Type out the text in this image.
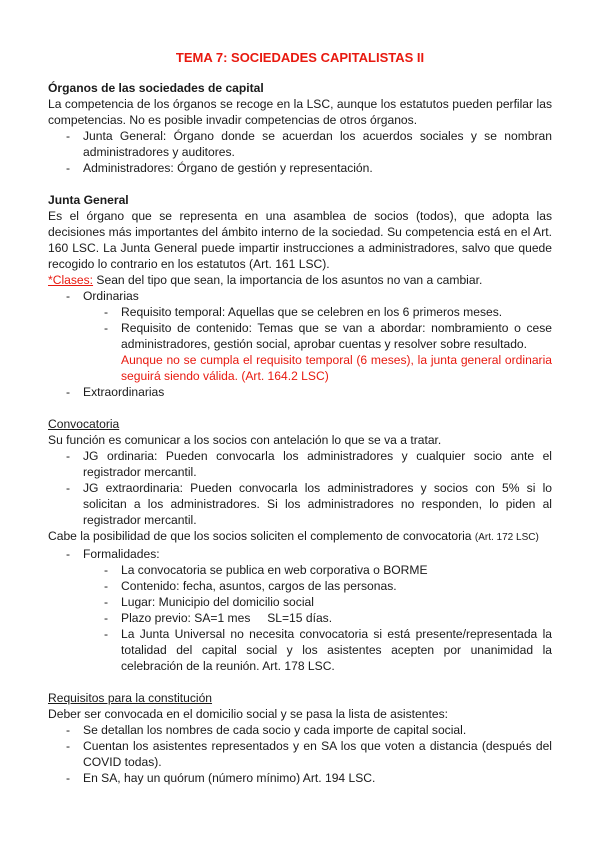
TEMA 7: SOCIEDADES CAPITALISTAS II
Órganos de las sociedades de capital

La competencia de los órganos se recoge en la LSC, aunque los estatutos pueden perfilar las competencias. No es posible invadir competencias de otros órganos.

- Junta General: Órgano donde se acuerdan los acuerdos sociales y se nombran administradores y auditores.
- Administradores: Órgano de gestión y representación.
Junta General

Es el órgano que se representa en una asamblea de socios (todos), que adopta las decisiones más importantes del ámbito interno de la sociedad. Su competencia está en el Art. 160 LSC. La Junta General puede impartir instrucciones a administradores, salvo que quede recogido lo contrario en los estatutos (Art. 161 LSC).

*Clases: Sean del tipo que sean, la importancia de los asuntos no van a cambiar.

- Ordinarias
- Requisito temporal: Aquellas que se celebren en los 6 primeros meses.
- Requisito de contenido: Temas que se van a abordar: nombramiento o cese administradores, gestión social, aprobar cuentas y resolver sobre resultado.

Aunque no se cumpla el requisito temporal (6 meses), la junta general ordinaria seguirá siendo válida. (Art. 164.2 LSC)

- Extraordinarias

Convocatoria

Su función es comunicar a los socios con antelación lo que se va a tratar.

- JG ordinaria: Pueden convocarla los administradores y cualquier socio ante el registrador mercantil.
- JG extraordinaria: Pueden convocarla los administradores y socios con 5% si lo solicitan a los administradores. Si los administradores no responden, lo piden al registrador mercantil.

Cabe la posibilidad de que los socios soliciten el complemento de convocatoria (Art. 172 LSC)

- Formalidades:
- La convocatoria se publica en web corporativa o BORME
- Contenido: fecha, asuntos, cargos de las personas.
- Lugar: Municipio del domicilio social
- Plazo previo: SA=1 mes     SL=15 días.
- La Junta Universal no necesita convocatoria si está presente/representada la totalidad del capital social y los asistentes acepten por unanimidad la celebración de la reunión. Art. 178 LSC.

Requisitos para la constitución

Deber ser convocada en el domicilio social y se pasa la lista de asistentes:

- Se detallan los nombres de cada socio y cada importe de capital social.
- Cuentan los asistentes representados y en SA los que voten a distancia (después del COVID todas).
- En SA, hay un quórum (número mínimo) Art. 194 LSC.
